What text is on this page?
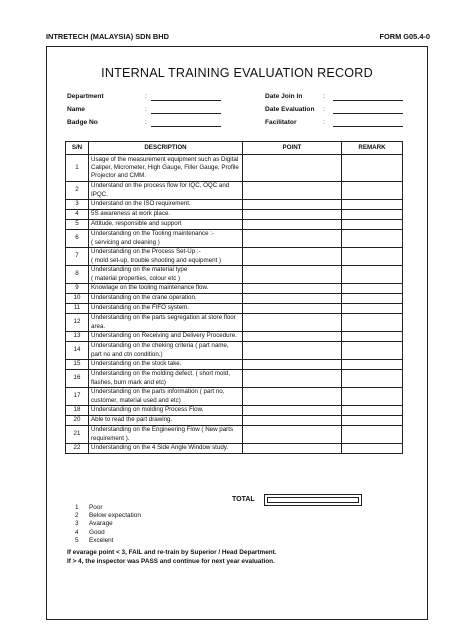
INTRETECH (MALAYSIA) SDN BHD	FORM G05.4-0
INTERNAL TRAINING EVALUATION RECORD
Department	:
Name	:
Badge No	:
Date Join In	:
Date Evaluation :
Facilitator	:
S/N	DESCRIPTION	POINT	REMARK
1	Usage of the measurement equipment such as Digital Caliper, Micrometer, High Gauge, Filler Gauge, Profile Projector and CMM.		
2	Understand on the process flow for IQC, OQC and IPQC.		
3	Understand on the ISO requirement.		
4	5S awareness at work place.		
5	Attitude, responsible and support		
6	Understanding on the Tooling maintenance :-
( servicing and cleaning )		
7	Understanding on the Process Set-Up :-
( mold set-up, trouble shooting and equipment )		
8	Understanding on the material type
( material properties, colour etc )		
9	Knowlage on the tooling maintenance flow.		
10	Understanding on the crane operation.		
11	Understanding on the FIFO system.		
12	Understanding on the parts segregation at store floor area.		
13	Understanding on Receiving and Delivery Procedure.		
14	Understanding on the cheking criteria ( part name, part no and ctn condition.)		
15	Understanding on the stock take.		
16	Understanding on the molding defect. ( short mold, flashes, burn mark and etc)		
17	Understanding on the parts information ( part no, customer, material used and etc)		
18	Understanding on molding Process Flow.		
20	Able to read the part drawing.		
21	Understanding on the Engineering Flow ( New parts requirement ).		
22	Understanding on the 4 Side Angle Window study.		
TOTAL
1	Poor
2	Below expectation
3	Avarage
4	Good
5	Excelent
If evarage point < 3, FAIL and re-train by Superior / Head Department.
If > 4, the inspector was PASS and continue for next year evaluation.
